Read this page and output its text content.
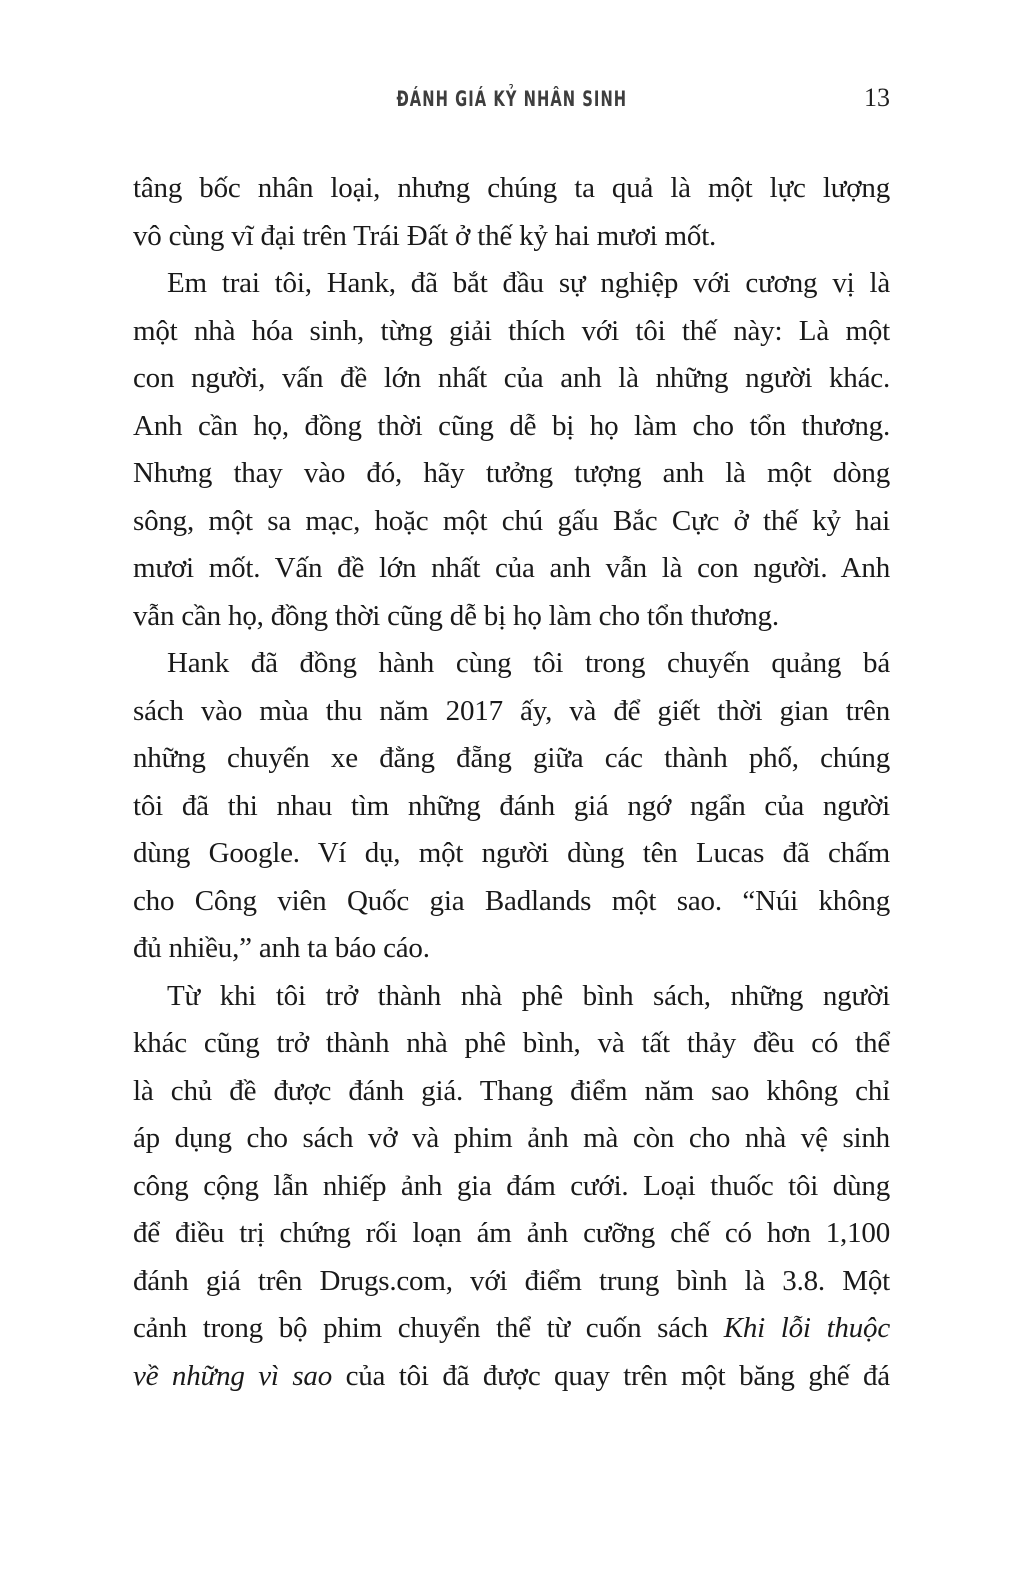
ĐÁNH GIÁ KỶ NHÂN SINH	13
tâng bốc nhân loại, nhưng chúng ta quả là một lực lượng
vô cùng vĩ đại trên Trái Đất ở thế kỷ hai mươi mốt.
Em trai tôi, Hank, đã bắt đầu sự nghiệp với cương vị là
một nhà hóa sinh, từng giải thích với tôi thế này: Là một
con người, vấn đề lớn nhất của anh là những người khác.
Anh cần họ, đồng thời cũng dễ bị họ làm cho tổn thương.
Nhưng thay vào đó, hãy tưởng tượng anh là một dòng
sông, một sa mạc, hoặc một chú gấu Bắc Cực ở thế kỷ hai
mươi mốt. Vấn đề lớn nhất của anh vẫn là con người. Anh
vẫn cần họ, đồng thời cũng dễ bị họ làm cho tổn thương.
Hank đã đồng hành cùng tôi trong chuyến quảng bá
sách vào mùa thu năm 2017 ấy, và để giết thời gian trên
những chuyến xe đằng đẵng giữa các thành phố, chúng
tôi đã thi nhau tìm những đánh giá ngớ ngẩn của người
dùng Google. Ví dụ, một người dùng tên Lucas đã chấm
cho Công viên Quốc gia Badlands một sao. “Núi không
đủ nhiều,” anh ta báo cáo.
Từ khi tôi trở thành nhà phê bình sách, những người
khác cũng trở thành nhà phê bình, và tất thảy đều có thể
là chủ đề được đánh giá. Thang điểm năm sao không chỉ
áp dụng cho sách vở và phim ảnh mà còn cho nhà vệ sinh
công cộng lẫn nhiếp ảnh gia đám cưới. Loại thuốc tôi dùng
để điều trị chứng rối loạn ám ảnh cưỡng chế có hơn 1,100
đánh giá trên Drugs.com, với điểm trung bình là 3.8. Một
cảnh trong bộ phim chuyển thể từ cuốn sách Khi lỗi thuộc
về những vì sao của tôi đã được quay trên một băng ghế đá
